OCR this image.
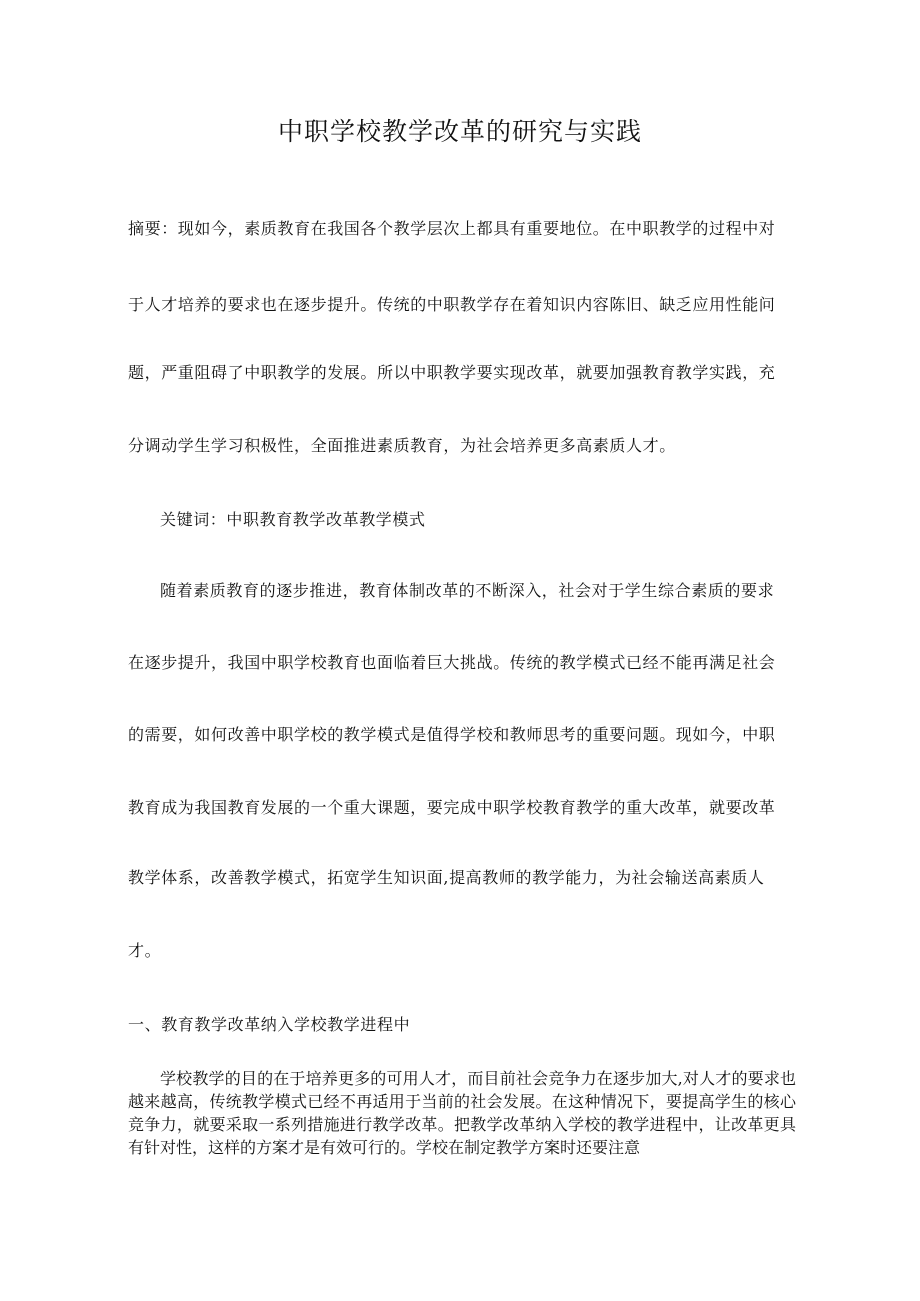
中职学校教学改革的研究与实践
摘要：现如今，素质教育在我国各个教学层次上都具有重要地位。在中职教学的过程中对
于人才培养的要求也在逐步提升。传统的中职教学存在着知识内容陈旧、缺乏应用性能问
题，严重阻碍了中职教学的发展。所以中职教学要实现改革，就要加强教育教学实践，充
分调动学生学习积极性，全面推进素质教育，为社会培养更多高素质人才。
关键词：中职教育教学改革教学模式
随着素质教育的逐步推进，教育体制改革的不断深入，社会对于学生综合素质的要求
在逐步提升，我国中职学校教育也面临着巨大挑战。传统的教学模式已经不能再满足社会
的需要，如何改善中职学校的教学模式是值得学校和教师思考的重要问题。现如今，中职
教育成为我国教育发展的一个重大课题，要完成中职学校教育教学的重大改革，就要改革
教学体系，改善教学模式，拓宽学生知识面,提高教师的教学能力，为社会输送高素质人
才。
一、教育教学改革纳入学校教学进程中
学校教学的目的在于培养更多的可用人才，而目前社会竞争力在逐步加大,对人才的要求也越来越高，传统教学模式已经不再适用于当前的社会发展。在这种情况下，要提高学生的核心竞争力，就要采取一系列措施进行教学改革。把教学改革纳入学校的教学进程中，让改革更具有针对性，这样的方案才是有效可行的。学校在制定教学方案时还要注意
